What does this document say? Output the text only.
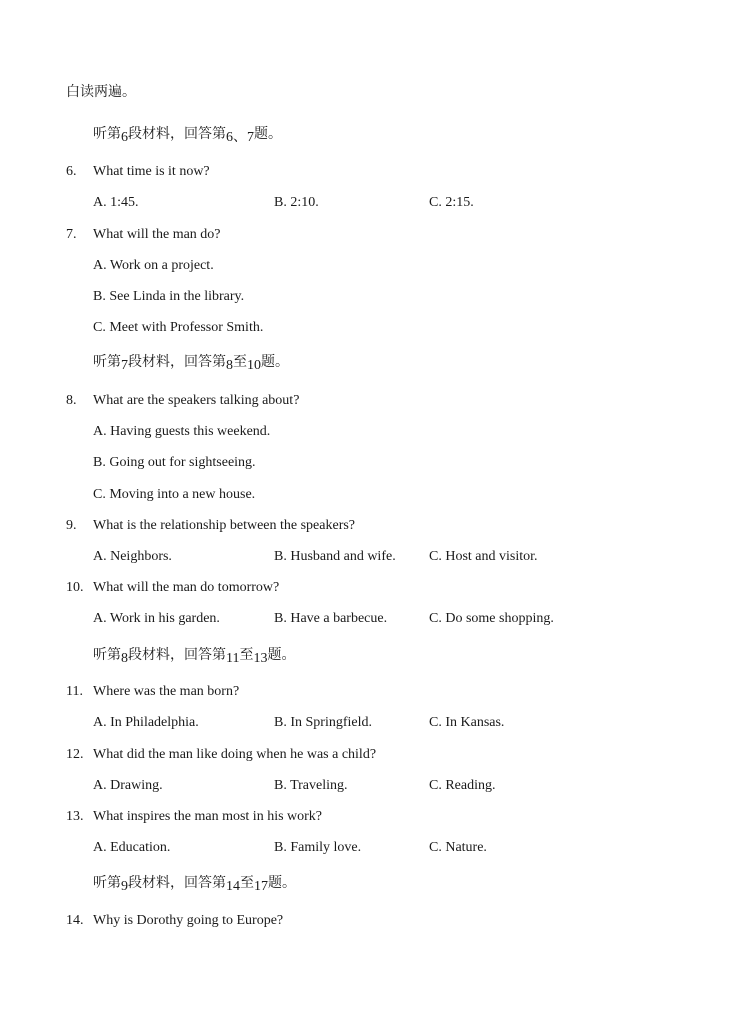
白读两遍。
听第6段材料，回答第6、7题。
6. What time is it now?
A. 1:45.	B. 2:10.	C. 2:15.
7. What will the man do?
A. Work on a project.
B. See Linda in the library.
C. Meet with Professor Smith.
听第7段材料，回答第8至10题。
8. What are the speakers talking about?
A. Having guests this weekend.
B. Going out for sightseeing.
C. Moving into a new house.
9. What is the relationship between the speakers?
A. Neighbors.	B. Husband and wife. C. Host and visitor.
10. What will the man do tomorrow?
A. Work in his garden.	B. Have a barbecue.	C. Do some shopping.
听第8段材料，回答第11至13题。
11. Where was the man born?
A. In Philadelphia.	B. In Springfield.	C. In Kansas.
12. What did the man like doing when he was a child?
A. Drawing.	B. Traveling.	C. Reading.
13. What inspires the man most in his work?
A. Education.	B. Family love.	C. Nature.
听第9段材料，回答第14至17题。
14. Why is Dorothy going to Europe?
